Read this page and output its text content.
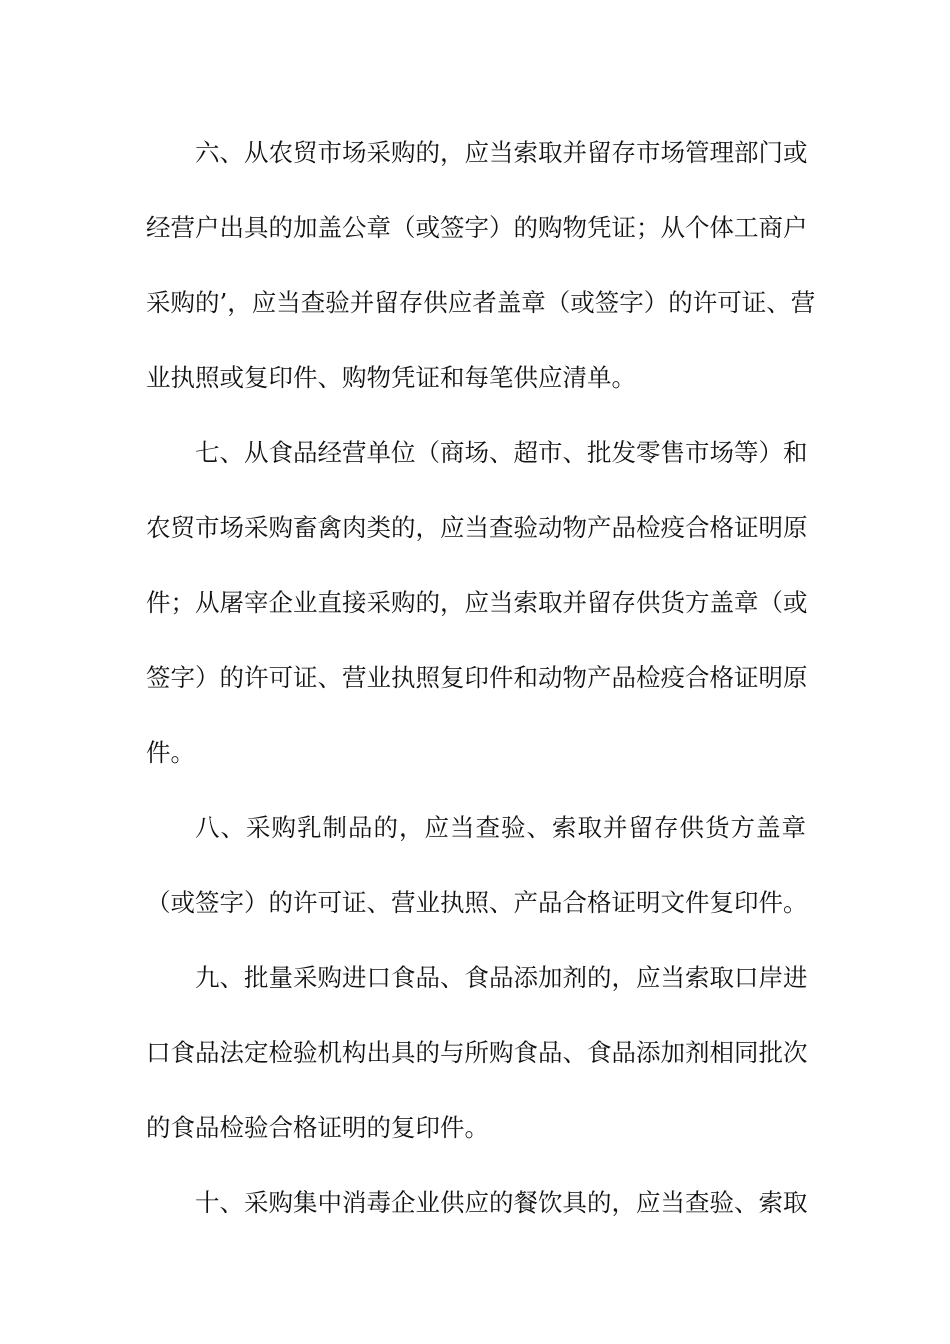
六、从农贸市场采购的，应当索取并留存市场管理部门或
经营户出具的加盖公章（或签字）的购物凭证；从个体工商户
采购的’，应当查验并留存供应者盖章（或签字）的许可证、营
业执照或复印件、购物凭证和每笔供应清单。
七、从食品经营单位（商场、超市、批发零售市场等）和
农贸市场采购畜禽肉类的，应当查验动物产品检疫合格证明原
件；从屠宰企业直接采购的，应当索取并留存供货方盖章（或
签字）的许可证、营业执照复印件和动物产品检疫合格证明原
件。
八、采购乳制品的，应当查验、索取并留存供货方盖章
（或签字）的许可证、营业执照、产品合格证明文件复印件。
九、批量采购进口食品、食品添加剂的，应当索取口岸进
口食品法定检验机构出具的与所购食品、食品添加剂相同批次
的食品检验合格证明的复印件。
十、采购集中消毒企业供应的餐饮具的，应当查验、索取
